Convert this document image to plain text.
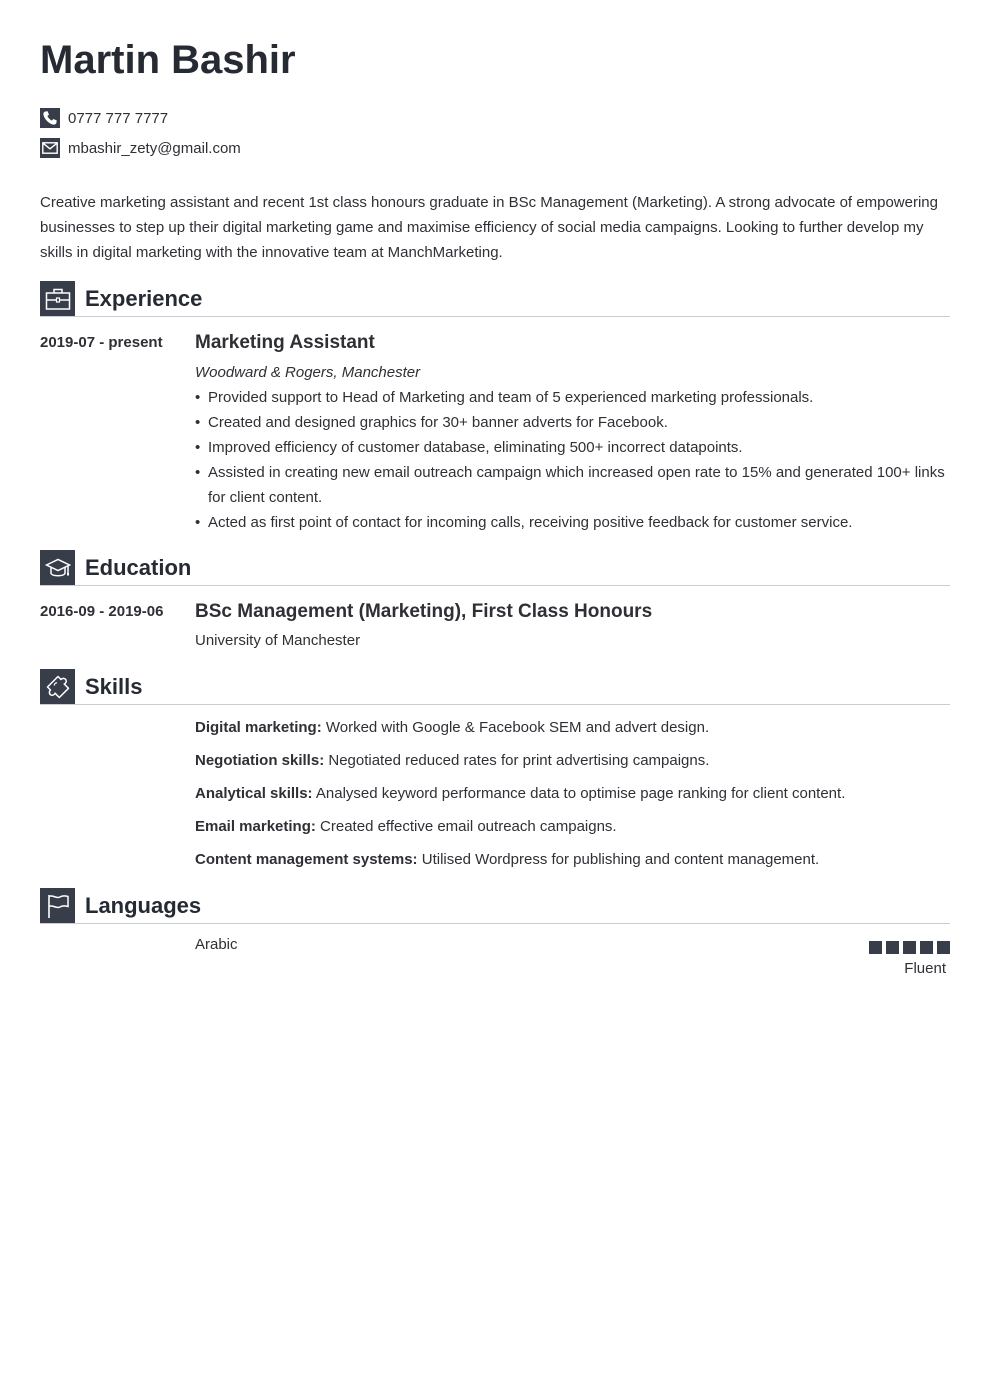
Martin Bashir
0777 777 7777
mbashir_zety@gmail.com

Creative marketing assistant and recent 1st class honours graduate in BSc Management (Marketing). A strong advocate of empowering businesses to step up their digital marketing game and maximise efficiency of social media campaigns. Looking to further develop my skills in digital marketing with the innovative team at ManchMarketing.

Experience
2019-07 - present Marketing Assistant
Woodward & Rogers, Manchester
• Provided support to Head of Marketing and team of 5 experienced marketing professionals.
• Created and designed graphics for 30+ banner adverts for Facebook.
• Improved efficiency of customer database, eliminating 500+ incorrect datapoints.
• Assisted in creating new email outreach campaign which increased open rate to 15% and generated 100+ links for client content.
• Acted as first point of contact for incoming calls, receiving positive feedback for customer service.
Education
2016-09 - 2019-06 BSc Management (Marketing), First Class Honours
University of Manchester
Skills
Digital marketing: Worked with Google & Facebook SEM and advert design.
Negotiation skills: Negotiated reduced rates for print advertising campaigns.
Analytical skills: Analysed keyword performance data to optimise page ranking for client content.
Email marketing: Created effective email outreach campaigns.
Content management systems: Utilised Wordpress for publishing and content management.
Languages
Arabic
Fluent
